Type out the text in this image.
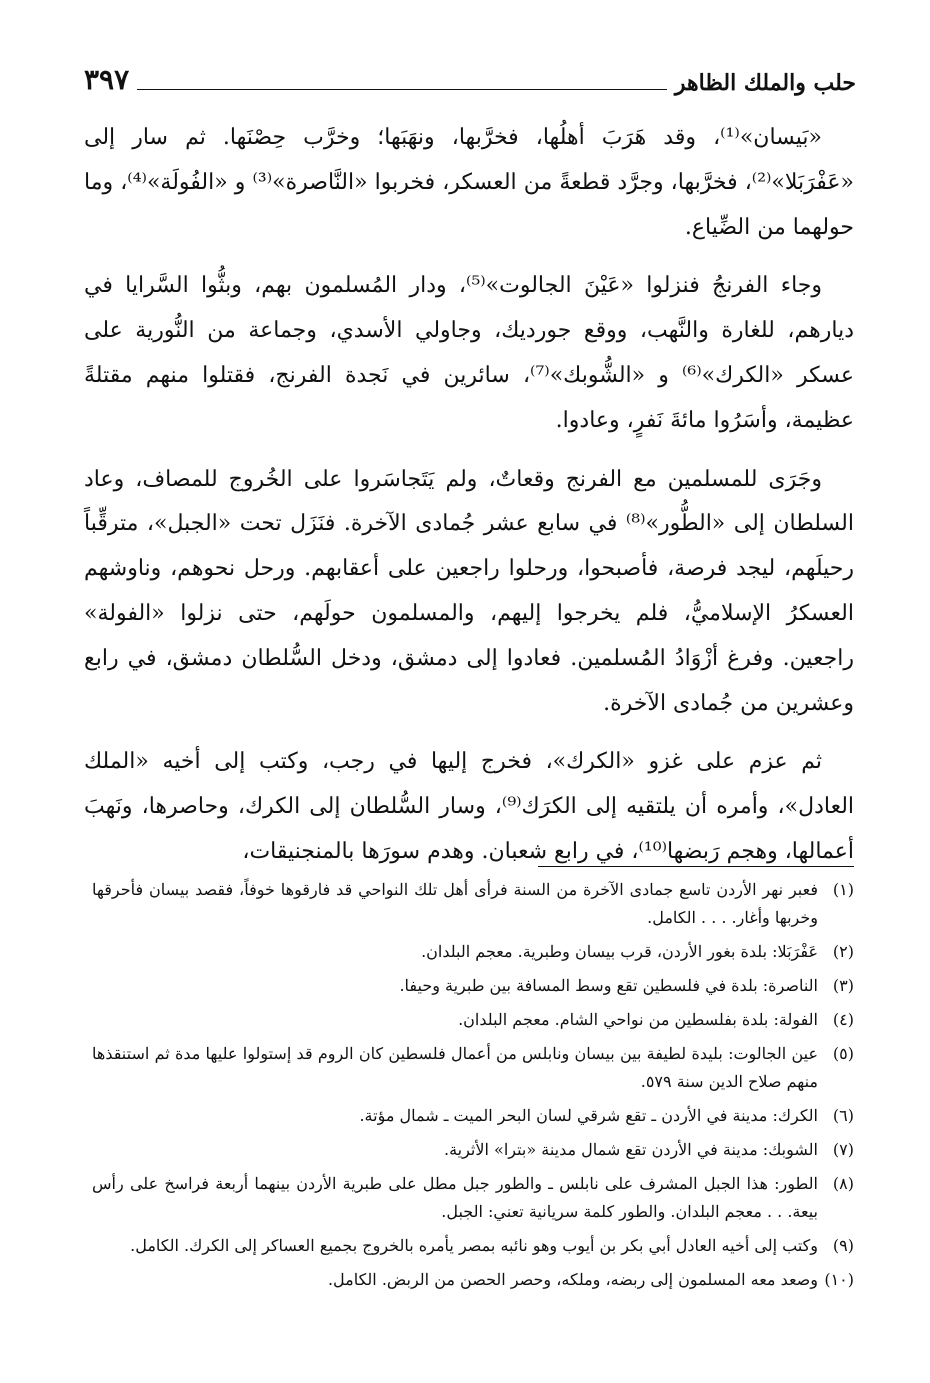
حلب والملك الظاهر
٣٩٧

«بَيسان»⁽¹⁾، وقد هَرَبَ أهلُها، فخرَّبها، ونهَبَها؛ وخرَّب حِصْنَها. ثم سار إلى «عَفْرَبَلا»⁽²⁾، فخرَّبها، وجرَّد قطعةً من العسكر، فخربوا «النَّاصرة»⁽³⁾ و «الفُولَة»⁽⁴⁾، وما حولهما من الضِّياع.

وجاء الفرنجُ فنزلوا «عَيْنَ الجالوت»⁽⁵⁾، ودار المُسلمون بهم، وبثُّوا السَّرايا في ديارهم، للغارة والنَّهب، ووقع جورديك، وجاولي الأسدي، وجماعة من النُّورية على عسكر «الكرك»⁽⁶⁾ و «الشُّوبك»⁽⁷⁾، سائرين في نَجدة الفرنج، فقتلوا منهم مقتلةً عظيمة، وأسَرُوا مائةَ نَفرٍ، وعادوا.

وجَرَى للمسلمين مع الفرنج وقعاتٌ، ولم يَتَجاسَروا على الخُروج للمصاف، وعاد السلطان إلى «الطُّور»⁽⁸⁾ في سابع عشر جُمادى الآخرة. فنَزَل تحت «الجبل»، مترقِّباً رحيلَهم، ليجد فرصة، فأصبحوا، ورحلوا راجعين على أعقابهم. ورحل نحوهم، وناوشهم العسكرُ الإسلاميُّ، فلم يخرجوا إليهم، والمسلمون حولَهم، حتى نزلوا «الفولة» راجعين. وفرغ أزْوَادُ المُسلمين. فعادوا إلى دمشق، ودخل السُّلطان دمشق، في رابع وعشرين من جُمادى الآخرة.

ثم عزم على غزو «الكرك»، فخرج إليها في رجب، وكتب إلى أخيه «الملك العادل»، وأمره أن يلتقيه إلى الكرَك⁽⁹⁾، وسار السُّلطان إلى الكرك، وحاصرها، ونَهبَ أعمالها، وهجم رَبضها⁽¹⁰⁾، في رابع شعبان. وهدم سورَها بالمنجنيقات،

(١)
فعبر نهر الأردن تاسع جمادى الآخرة من السنة فرأى أهل تلك النواحي قد فارقوها خوفاً، فقصد بيسان فأحرقها وخربها وأغار. . . . الكامل.
(٢)
عَفْرَبَلا: بلدة بغور الأردن، قرب بيسان وطبرية. معجم البلدان.
(٣)
الناصرة: بلدة في فلسطين تقع وسط المسافة بين طبرية وحيفا.
(٤)
الفولة: بلدة بفلسطين من نواحي الشام. معجم البلدان.
(٥)
عين الجالوت: بليدة لطيفة بين بيسان ونابلس من أعمال فلسطين كان الروم قد إستولوا عليها مدة ثم استنقذها منهم صلاح الدين سنة ٥٧٩.
(٦)
الكرك: مدينة في الأردن ـ تقع شرقي لسان البحر الميت ـ شمال مؤتة.
(٧)
الشوبك: مدينة في الأردن تقع شمال مدينة «بترا» الأثرية.
(٨)
الطور: هذا الجبل المشرف على نابلس ـ والطور جبل مطل على طبرية الأردن بينهما أربعة فراسخ على رأس بيعة. . . معجم البلدان. والطور كلمة سريانية تعني: الجبل.
(٩)
وكتب إلى أخيه العادل أبي بكر بن أيوب وهو نائبه بمصر يأمره بالخروج بجميع العساكر إلى الكرك. الكامل.
(١٠)
وصعد معه المسلمون إلى ربضه، وملكه، وحصر الحصن من الربض. الكامل.
